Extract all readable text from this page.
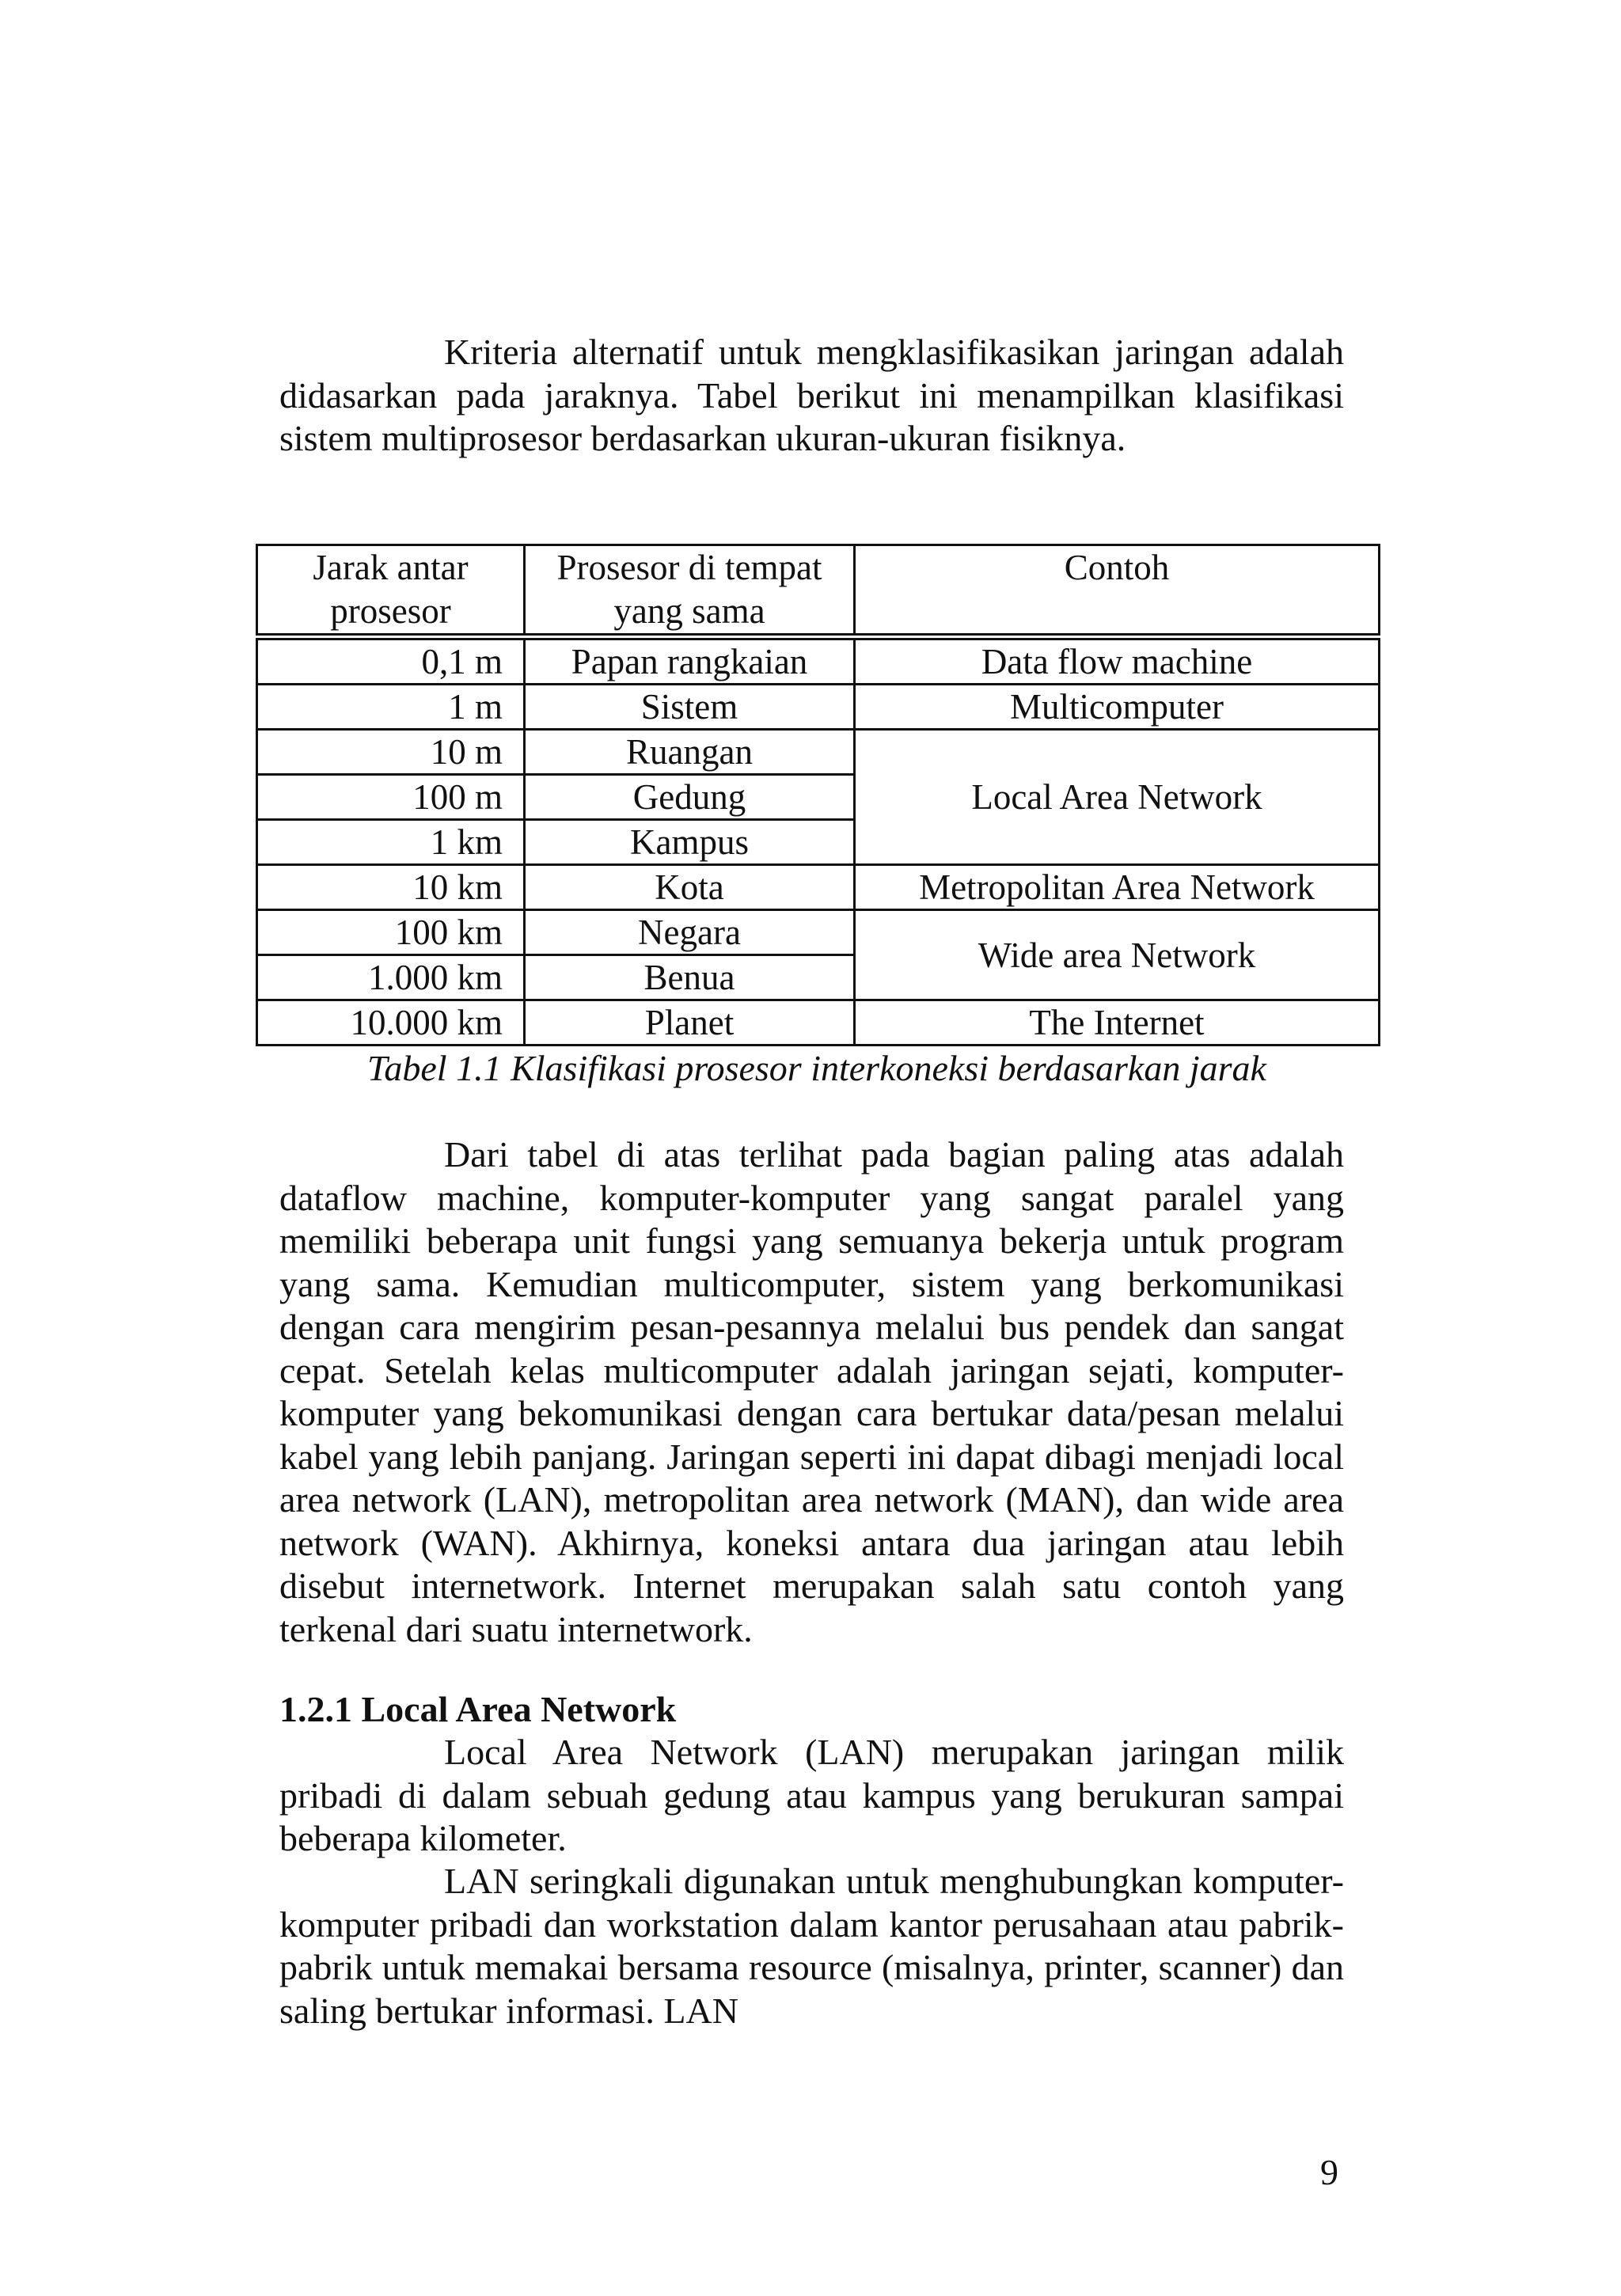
Kriteria alternatif untuk mengklasifikasikan jaringan adalah didasarkan pada jaraknya. Tabel berikut ini menampilkan klasifikasi sistem multiprosesor berdasarkan ukuran-ukuran fisiknya.

Jarak antar prosesor	Prosesor di tempat yang sama	Contoh
0,1 m	Papan rangkaian	Data flow machine
1 m	Sistem	Multicomputer
10 m	Ruangan	Local Area Network
100 m	Gedung	
1 km	Kampus	
10 km	Kota	Metropolitan Area Network
100 km	Negara	Wide area Network
1.000 km	Benua	
10.000 km	Planet	The Internet

Tabel 1.1 Klasifikasi prosesor interkoneksi berdasarkan jarak

Dari tabel di atas terlihat pada bagian paling atas adalah dataflow machine, komputer-komputer yang sangat paralel yang memiliki beberapa unit fungsi yang semuanya bekerja untuk program yang sama. Kemudian multicomputer, sistem yang berkomunikasi dengan cara mengirim pesan-pesannya melalui bus pendek dan sangat cepat. Setelah kelas multicomputer adalah jaringan sejati, komputer-komputer yang bekomunikasi dengan cara bertukar data/pesan melalui kabel yang lebih panjang. Jaringan seperti ini dapat dibagi menjadi local area network (LAN), metropolitan area network (MAN), dan wide area network (WAN). Akhirnya, koneksi antara dua jaringan atau lebih disebut internetwork. Internet merupakan salah satu contoh yang terkenal dari suatu internetwork.

1.2.1 Local Area Network

Local Area Network (LAN) merupakan jaringan milik pribadi di dalam sebuah gedung atau kampus yang berukuran sampai beberapa kilometer.

LAN seringkali digunakan untuk menghubungkan komputer-komputer pribadi dan workstation dalam kantor perusahaan atau pabrik-pabrik untuk memakai bersama resource (misalnya, printer, scanner) dan saling bertukar informasi. LAN

9
